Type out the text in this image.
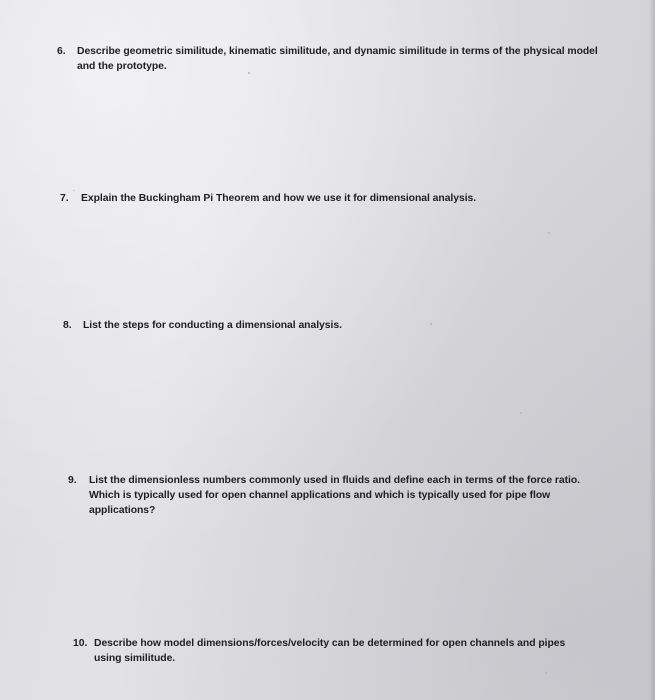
6. Describe geometric similitude, kinematic similitude, and dynamic similitude in terms of the physical model and the prototype.
7. ˙ Explain the Buckingham Pi Theorem and how we use it for dimensional analysis.
8. List the steps for conducting a dimensional analysis.
9. List the dimensionless numbers commonly used in fluids and define each in terms of the force ratio. Which is typically used for open channel applications and which is typically used for pipe flow applications?
10. Describe how model dimensions/forces/velocity can be determined for open channels and pipes using similitude.
